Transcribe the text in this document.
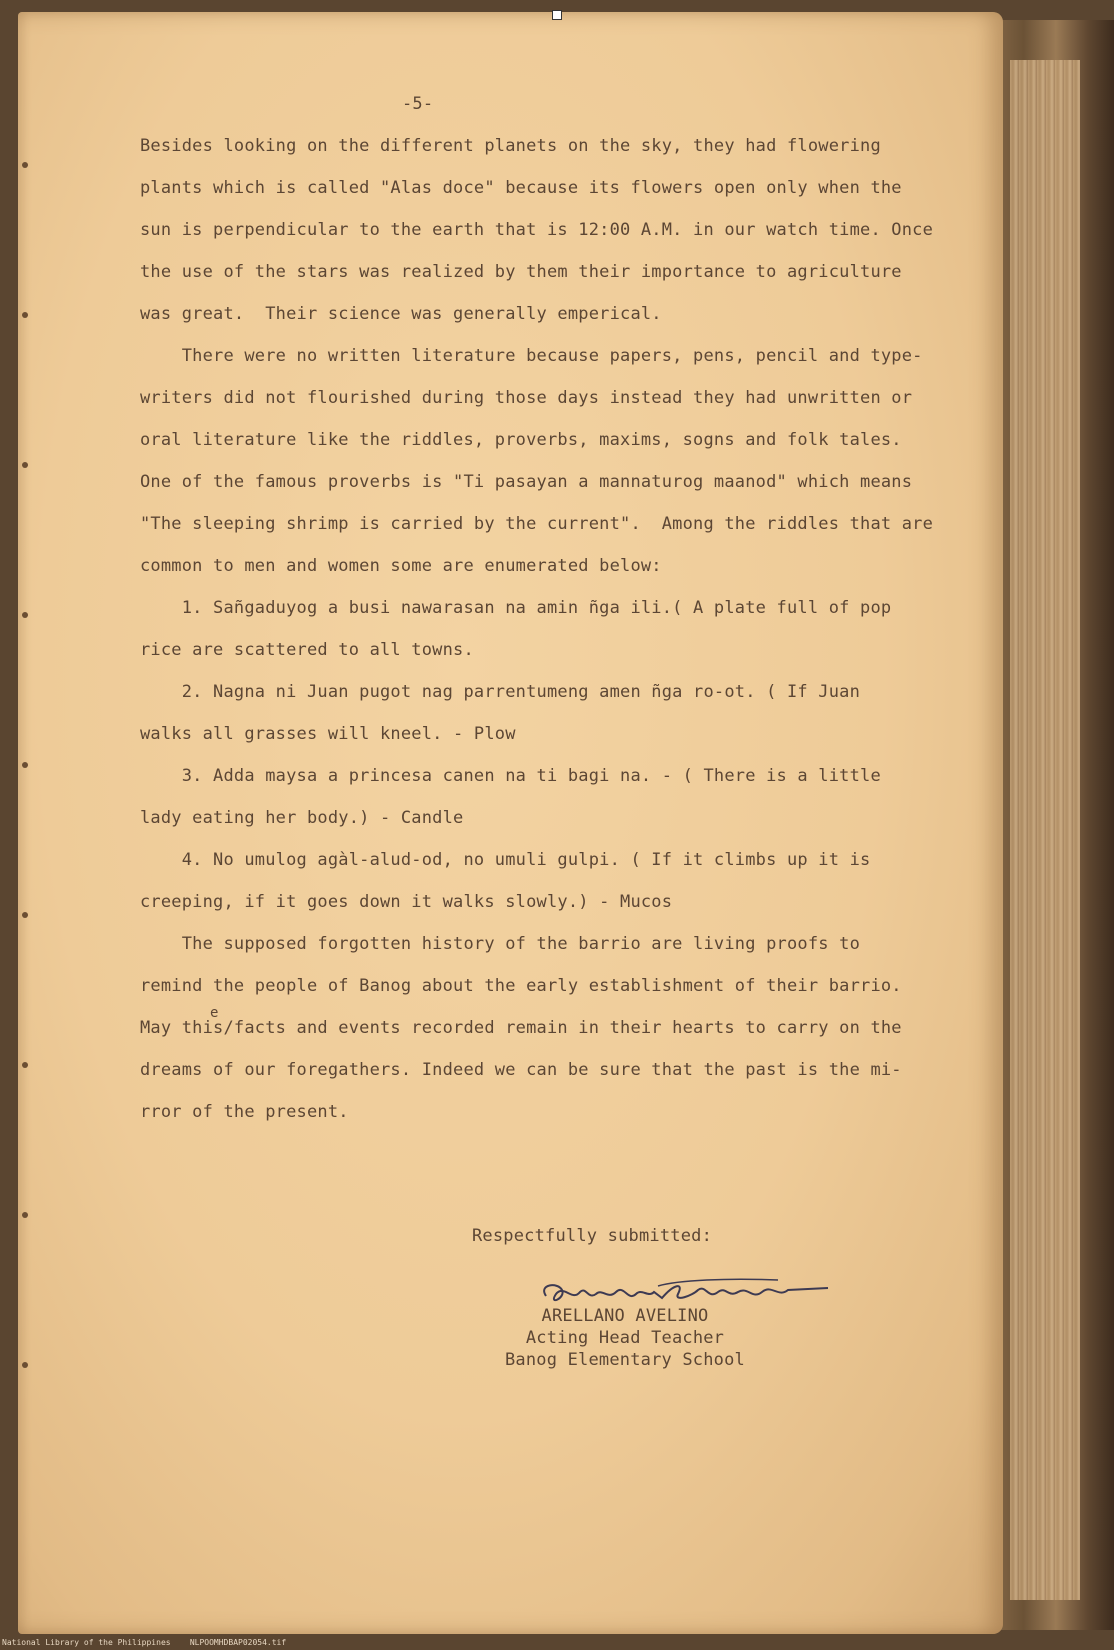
-5-
Besides looking on the different planets on the sky, they had flowering
plants which is called "Alas doce" because its flowers open only when the
sun is perpendicular to the earth that is 12:00 A.M. in our watch time. Once
the use of the stars was realized by them their importance to agriculture
was great.  Their science was generally emperical.
There were no written literature because papers, pens, pencil and type-
writers did not flourished during those days instead they had unwritten or
oral literature like the riddles, proverbs, maxims, sogns and folk tales.
One of the famous proverbs is "Ti pasayan a mannaturog maanod" which means
"The sleeping shrimp is carried by the current".  Among the riddles that are
common to men and women some are enumerated below:
1. Sañgaduyog a busi nawarasan na amin ñga ili.( A plate full of pop
rice are scattered to all towns.
2. Nagna ni Juan pugot nag parrentumeng amen ñga ro-ot. ( If Juan
walks all grasses will kneel. - Plow
3. Adda maysa a princesa canen na ti bagi na. - ( There is a little
lady eating her body.) - Candle
4. No umulog agàl-alud-od, no umuli gulpi. ( If it climbs up it is
creeping, if it goes down it walks slowly.) - Mucos
The supposed forgotten history of the barrio are living proofs to
remind the people of Banog about the early establishment of their barrio.
e
May this/facts and events recorded remain in their hearts to carry on the
dreams of our foregathers. Indeed we can be sure that the past is the mi-
rror of the present.
Respectfully submitted:
ARELLANO AVELINO
Acting Head Teacher
Banog Elementary School
National Library of the Philippines    NLPOOMHDBAP02054.tif
